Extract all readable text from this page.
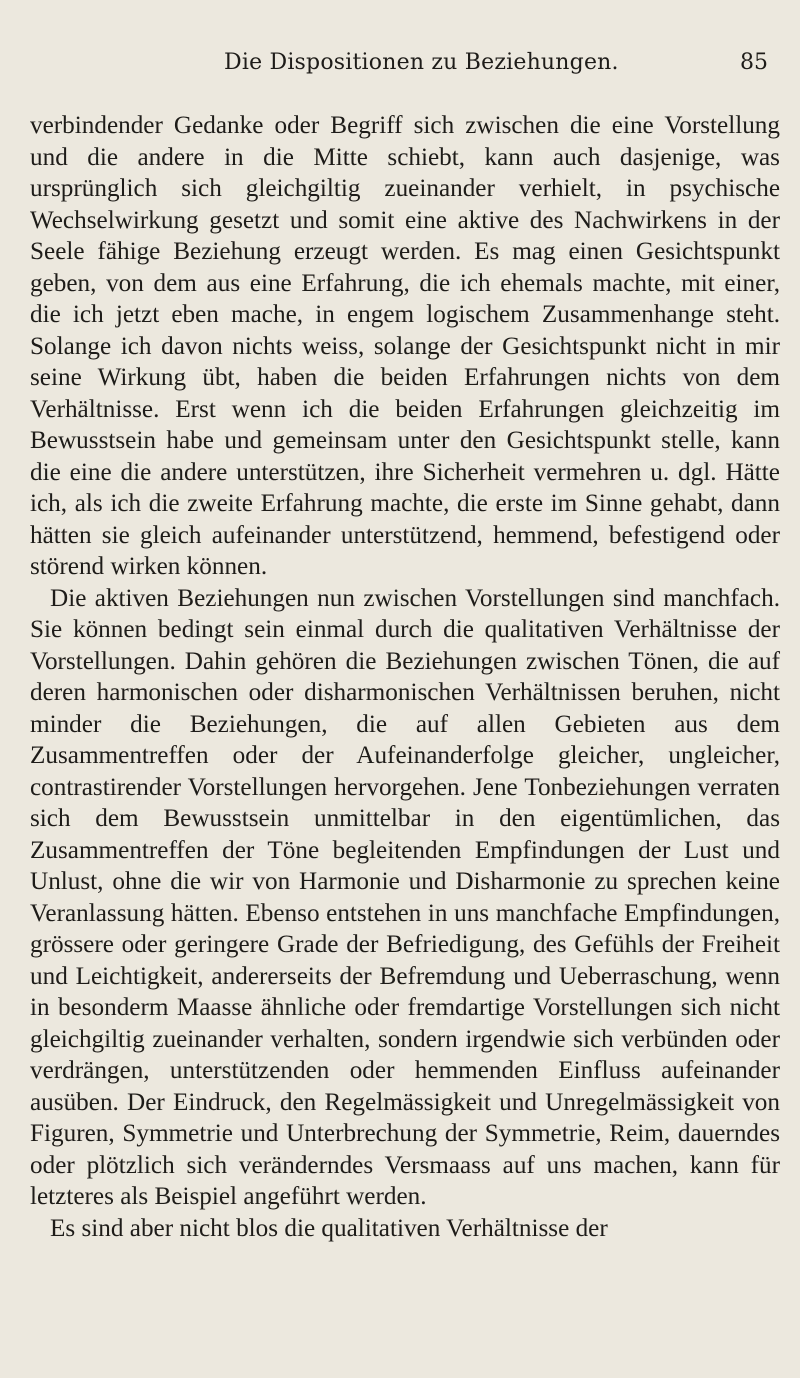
Die Dispositionen zu Beziehungen.	85

verbindender Gedanke oder Begriff sich zwischen die eine Vorstellung und die andere in die Mitte schiebt, kann auch dasjenige, was ursprünglich sich gleichgiltig zueinander verhielt, in psychische Wechselwirkung gesetzt und somit eine aktive des Nachwirkens in der Seele fähige Beziehung erzeugt werden. Es mag einen Gesichtspunkt geben, von dem aus eine Erfahrung, die ich ehemals machte, mit einer, die ich jetzt eben mache, in engem logischem Zusammenhange steht. Solange ich davon nichts weiss, solange der Gesichtspunkt nicht in mir seine Wirkung übt, haben die beiden Erfahrungen nichts von dem Verhältnisse. Erst wenn ich die beiden Erfahrungen gleichzeitig im Bewusstsein habe und gemeinsam unter den Gesichtspunkt stelle, kann die eine die andere unterstützen, ihre Sicherheit vermehren u. dgl. Hätte ich, als ich die zweite Erfahrung machte, die erste im Sinne gehabt, dann hätten sie gleich aufeinander unterstützend, hemmend, befestigend oder störend wirken können.

Die aktiven Beziehungen nun zwischen Vorstellungen sind manchfach. Sie können bedingt sein einmal durch die qualitativen Verhältnisse der Vorstellungen. Dahin gehören die Beziehungen zwischen Tönen, die auf deren harmonischen oder disharmonischen Verhältnissen beruhen, nicht minder die Beziehungen, die auf allen Gebieten aus dem Zusammentreffen oder der Aufeinanderfolge gleicher, ungleicher, contrastirender Vorstellungen hervorgehen. Jene Tonbeziehungen verraten sich dem Bewusstsein unmittelbar in den eigentümlichen, das Zusammentreffen der Töne begleitenden Empfindungen der Lust und Unlust, ohne die wir von Harmonie und Disharmonie zu sprechen keine Veranlassung hätten. Ebenso entstehen in uns manchfache Empfindungen, grössere oder geringere Grade der Befriedigung, des Gefühls der Freiheit und Leichtigkeit, andererseits der Befremdung und Ueberraschung, wenn in besonderm Maasse ähnliche oder fremdartige Vorstellungen sich nicht gleichgiltig zueinander verhalten, sondern irgendwie sich verbünden oder verdrängen, unterstützenden oder hemmenden Einfluss aufeinander ausüben. Der Eindruck, den Regelmässigkeit und Unregelmässigkeit von Figuren, Symmetrie und Unterbrechung der Symmetrie, Reim, dauerndes oder plötzlich sich veränderndes Versmaass auf uns machen, kann für letzteres als Beispiel angeführt werden.

Es sind aber nicht blos die qualitativen Verhältnisse der
